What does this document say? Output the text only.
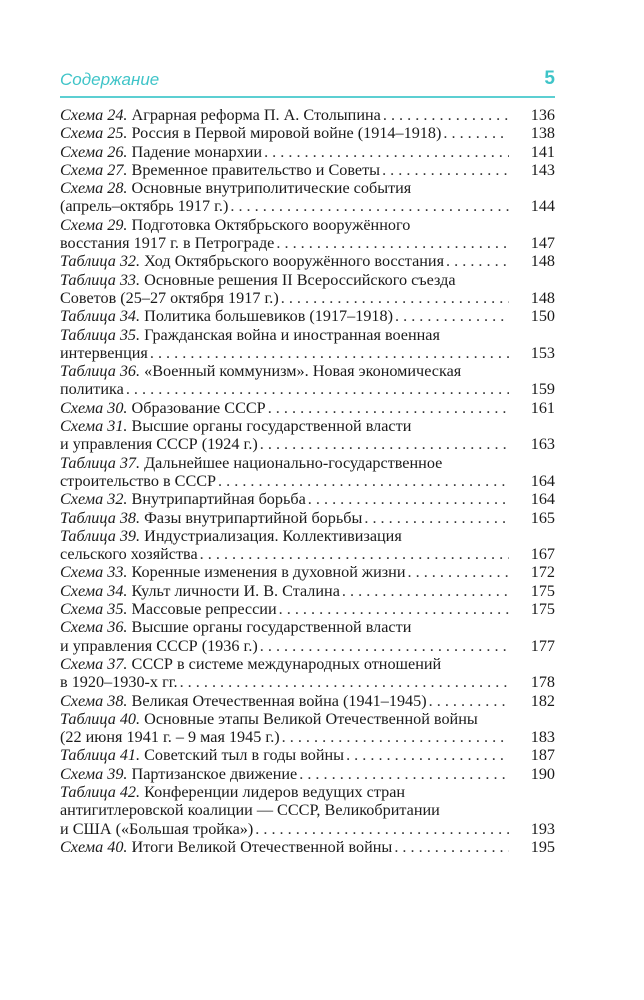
Содержание	5
Схема 24. Аграрная реформа П. А. Столыпина . . .	136
Схема 25. Россия в Первой мировой войне (1914–1918) . . .	138
Схема 26. Падение монархии . . .	141
Схема 27. Временное правительство и Советы . . .	143
Схема 28. Основные внутриполитические события
(апрель–октябрь 1917 г.) . . .	144
Схема 29. Подготовка Октябрьского вооружённого
восстания 1917 г. в Петрограде . . .	147
Таблица 32. Ход Октябрьского вооружённого восстания . . .	148
Таблица 33. Основные решения II Всероссийского съезда
Советов (25–27 октября 1917 г.) . . .	148
Таблица 34. Политика большевиков (1917–1918) . . .	150
Таблица 35. Гражданская война и иностранная военная
интервенция . . .	153
Таблица 36. «Военный коммунизм». Новая экономическая
политика . . .	159
Схема 30. Образование СССР . . .	161
Схема 31. Высшие органы государственной власти
и управления СССР (1924 г.) . . .	163
Таблица 37. Дальнейшее национально-государственное
строительство в СССР . . .	164
Схема 32. Внутрипартийная борьба . . .	164
Таблица 38. Фазы внутрипартийной борьбы . . .	165
Таблица 39. Индустриализация. Коллективизация
сельского хозяйства . . .	167
Схема 33. Коренные изменения в духовной жизни . . .	172
Схема 34. Культ личности И. В. Сталина . . .	175
Схема 35. Массовые репрессии . . .	175
Схема 36. Высшие органы государственной власти
и управления СССР (1936 г.) . . .	177
Схема 37. СССР в системе международных отношений
в 1920–1930-х гг. . . .	178
Схема 38. Великая Отечественная война (1941–1945) . . .	182
Таблица 40. Основные этапы Великой Отечественной войны
(22 июня 1941 г. – 9 мая 1945 г.) . . .	183
Таблица 41. Советский тыл в годы войны . . .	187
Схема 39. Партизанское движение . . .	190
Таблица 42. Конференции лидеров ведущих стран
антигитлеровской коалиции — СССР, Великобритании
и США («Большая тройка») . . .	193
Схема 40. Итоги Великой Отечественной войны . . .	195
